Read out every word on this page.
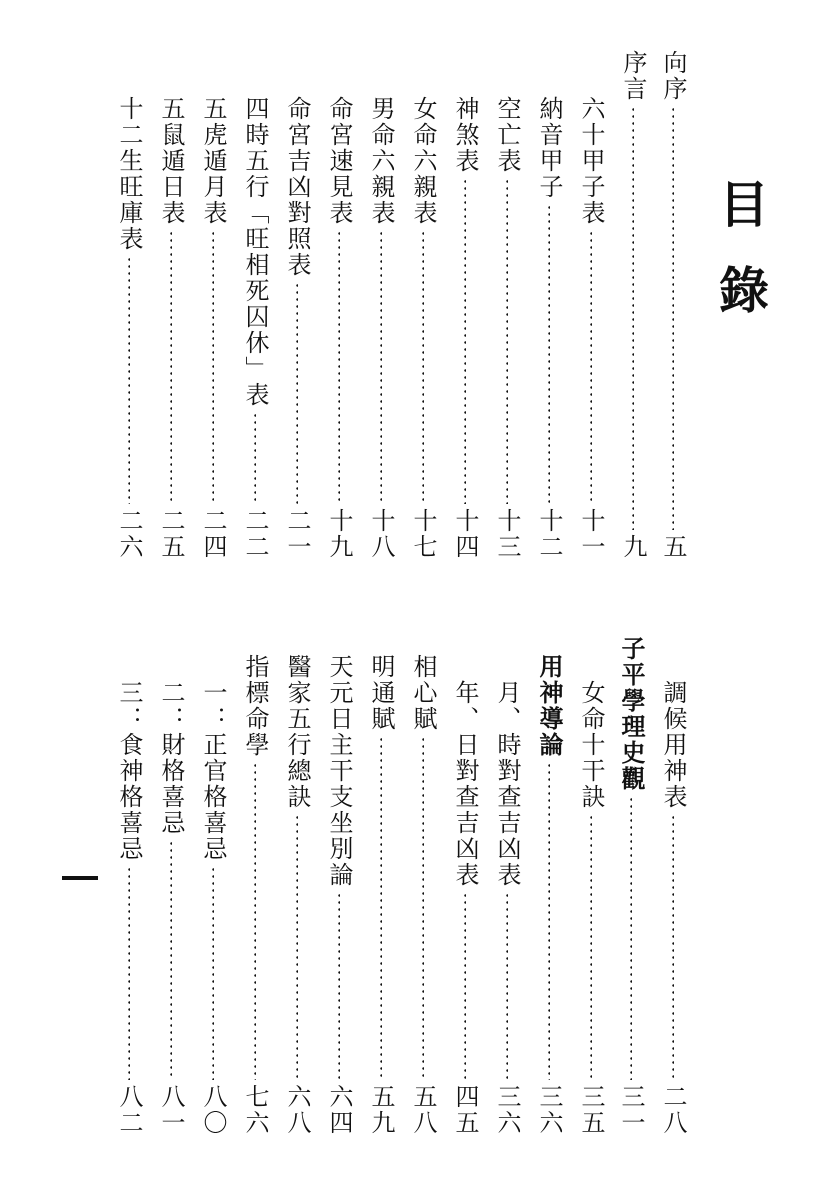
目錄
向序
五
序言
九
六十甲子表
十一
納音甲子
十二
空亡表
十三
神煞表
十四
女命六親表
十七
男命六親表
十八
命宮速見表
十九
命宮吉凶對照表
二一
四時五行「旺相死囚休」表
二二
五虎遁月表
二四
五鼠遁日表
二五
十二生旺庫表
二六
調候用神表
二八
子平學理史觀
三一
女命十干訣
三五
用神導論
三六
月、時對查吉凶表
三六
年、日對查吉凶表
四五
相心賦
五八
明通賦
五九
天元日主干支坐別論
六四
醫家五行總訣
六八
指標命學
七六
一：正官格喜忌
八〇
二：財格喜忌
八一
三：食神格喜忌
八二
